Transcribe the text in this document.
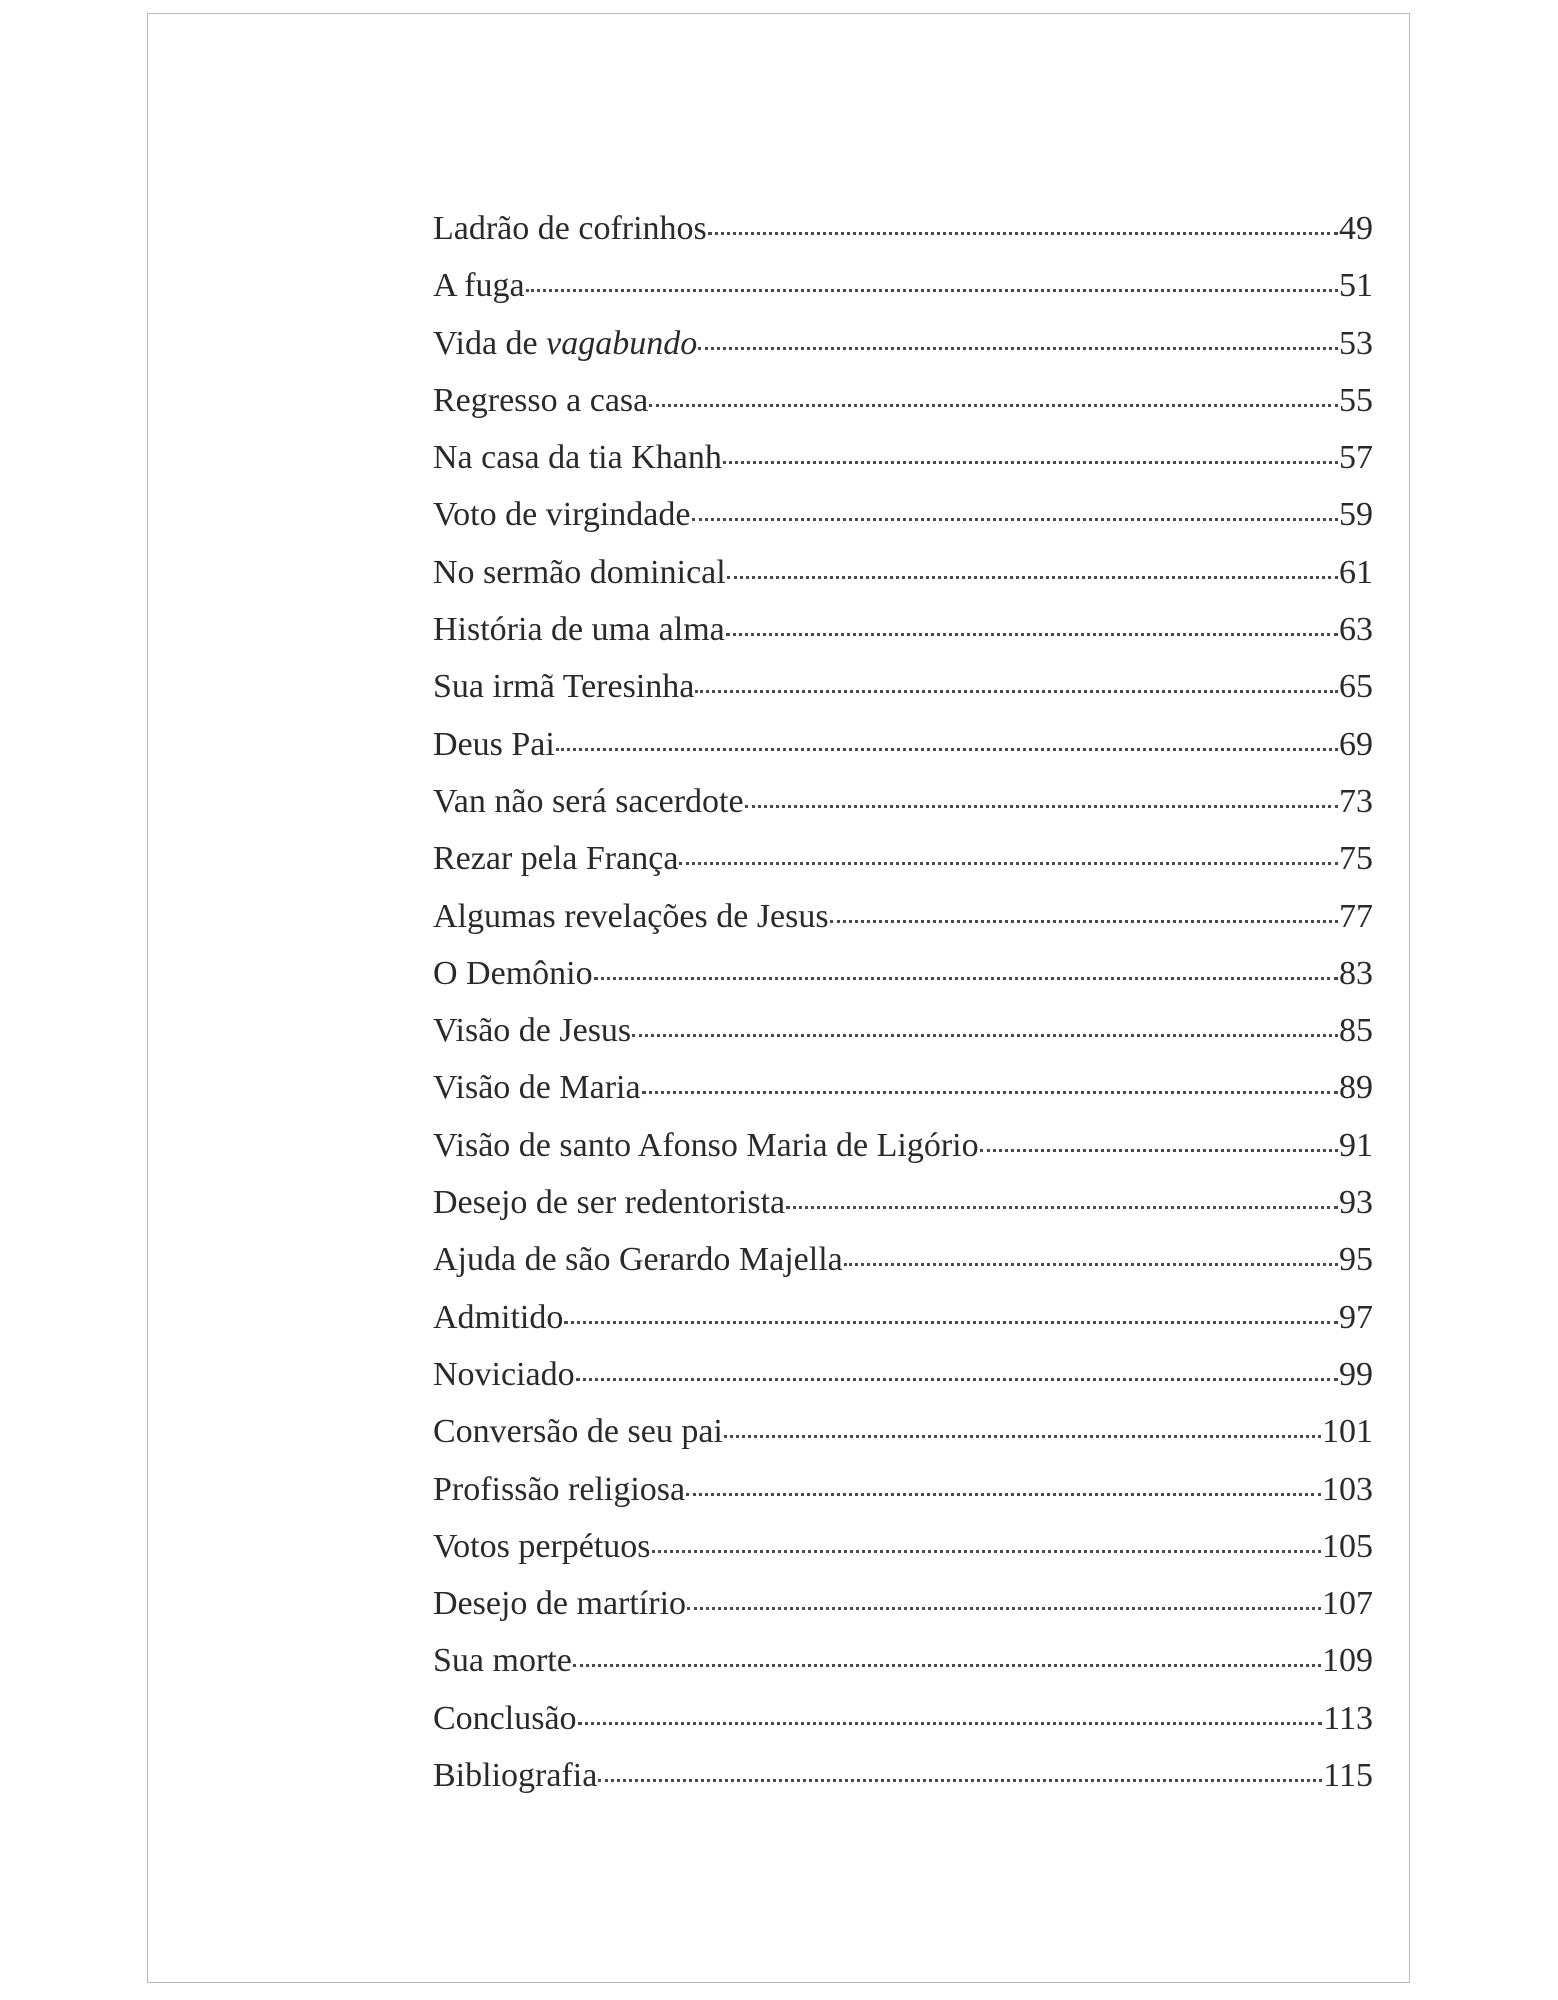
Ladrão de cofrinhos	49
A fuga	51
Vida de vagabundo	53
Regresso a casa	55
Na casa da tia Khanh	57
Voto de virgindade	59
No sermão dominical	61
História de uma alma	63
Sua irmã Teresinha	65
Deus Pai	69
Van não será sacerdote	73
Rezar pela França	75
Algumas revelações de Jesus	77
O Demônio	83
Visão de Jesus	85
Visão de Maria	89
Visão de santo Afonso Maria de Ligório	91
Desejo de ser redentorista	93
Ajuda de são Gerardo Majella	95
Admitido	97
Noviciado	99
Conversão de seu pai	101
Profissão religiosa	103
Votos perpétuos	105
Desejo de martírio	107
Sua morte	109
Conclusão	113
Bibliografia	115
